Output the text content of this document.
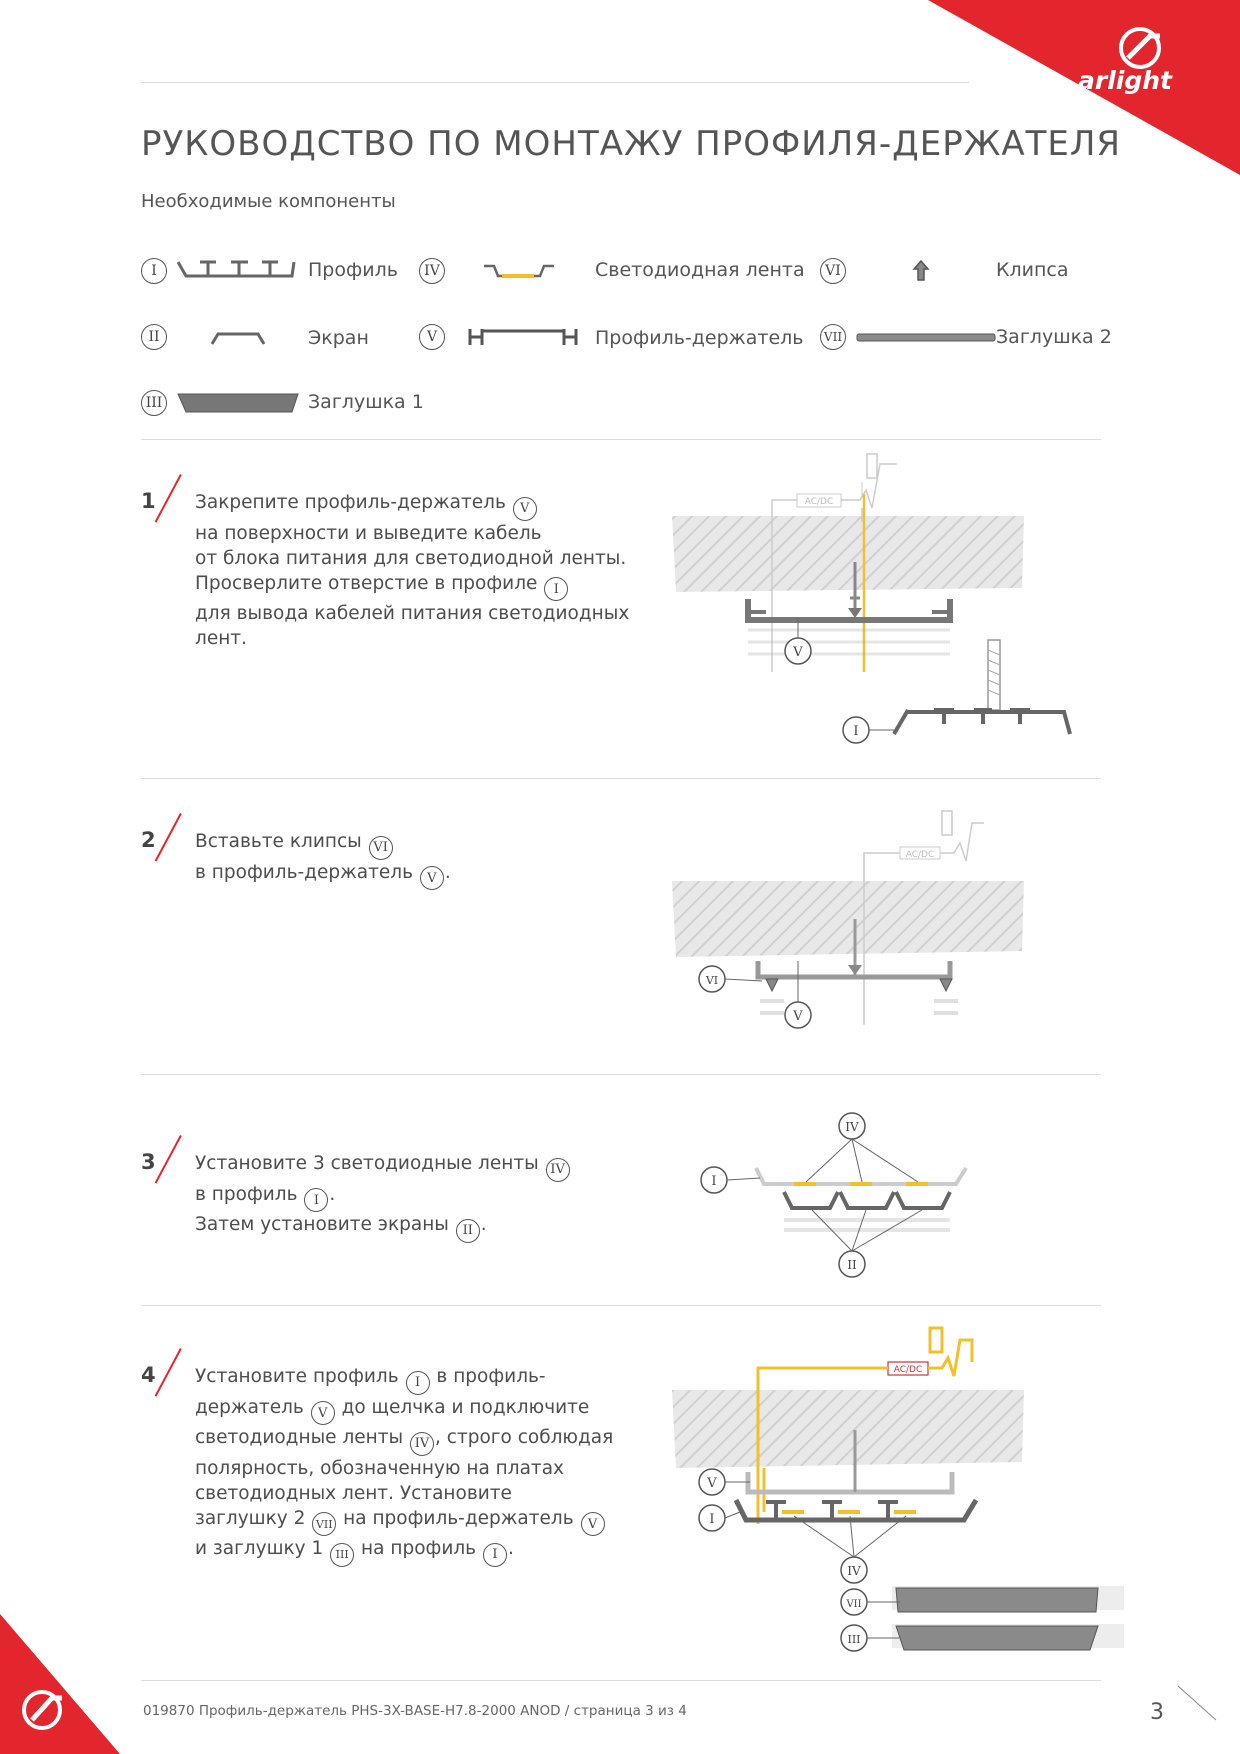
arlight
РУКОВОДСТВО ПО МОНТАЖУ ПРОФИЛЯ-ДЕРЖАТЕЛЯ
Необходимые компоненты
I	Профиль
II	Экран
III	Заглушка 1
IV	Светодиодная лента
V	Профиль-держатель
VI	Клипса
VII	Заглушка 2
1 Закрепите профиль-держатель V

на поверхности и выведите кабель

от блока питания для светодиодной ленты.

Просверлите отверстие в профиле I

для вывода кабелей питания светодиодных

лент.

AC/DC
V
I
2 Вставьте клипсы VI

в профиль-держатель V .

AC/DC
VI
V
3 Установите 3 светодиодные ленты IV

в профиль I .

Затем установите экраны II .

IV
I
II
4 Установите профиль I в профиль-

держатель V до щелчка и подключите

светодиодные ленты IV , строго соблюдая

полярность, обозначенную на платах

светодиодных лент. Установите

заглушку 2 VII на профиль-держатель V

и заглушку 1 III на профиль I .

AC/DC
V
I
IV
VII
III
019870 Профиль-держатель PHS-3X-BASE-H7.8-2000 ANOD / страница 3 из 4	3
